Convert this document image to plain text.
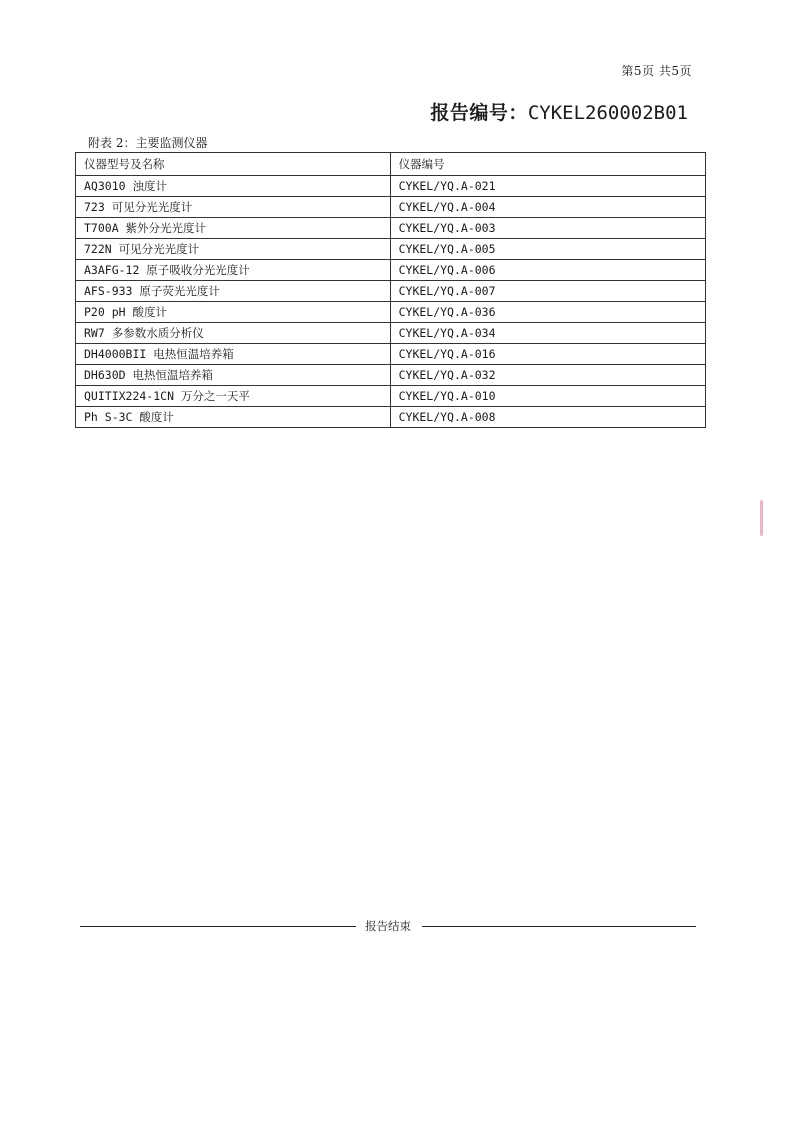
第5页 共5页
报告编号：CYKEL260002B01
附表 2：主要监测仪器
仪器型号及名称	仪器编号
AQ3010 浊度计	CYKEL/YQ.A-021
723 可见分光光度计	CYKEL/YQ.A-004
T700A 紫外分光光度计	CYKEL/YQ.A-003
722N 可见分光光度计	CYKEL/YQ.A-005
A3AFG-12 原子吸收分光光度计	CYKEL/YQ.A-006
AFS-933 原子荧光光度计	CYKEL/YQ.A-007
P20 pH 酸度计	CYKEL/YQ.A-036
RW7 多参数水质分析仪	CYKEL/YQ.A-034
DH4000BII 电热恒温培养箱	CYKEL/YQ.A-016
DH630D 电热恒温培养箱	CYKEL/YQ.A-032
QUITIX224-1CN 万分之一天平	CYKEL/YQ.A-010
Ph S-3C 酸度计	CYKEL/YQ.A-008
报告结束
